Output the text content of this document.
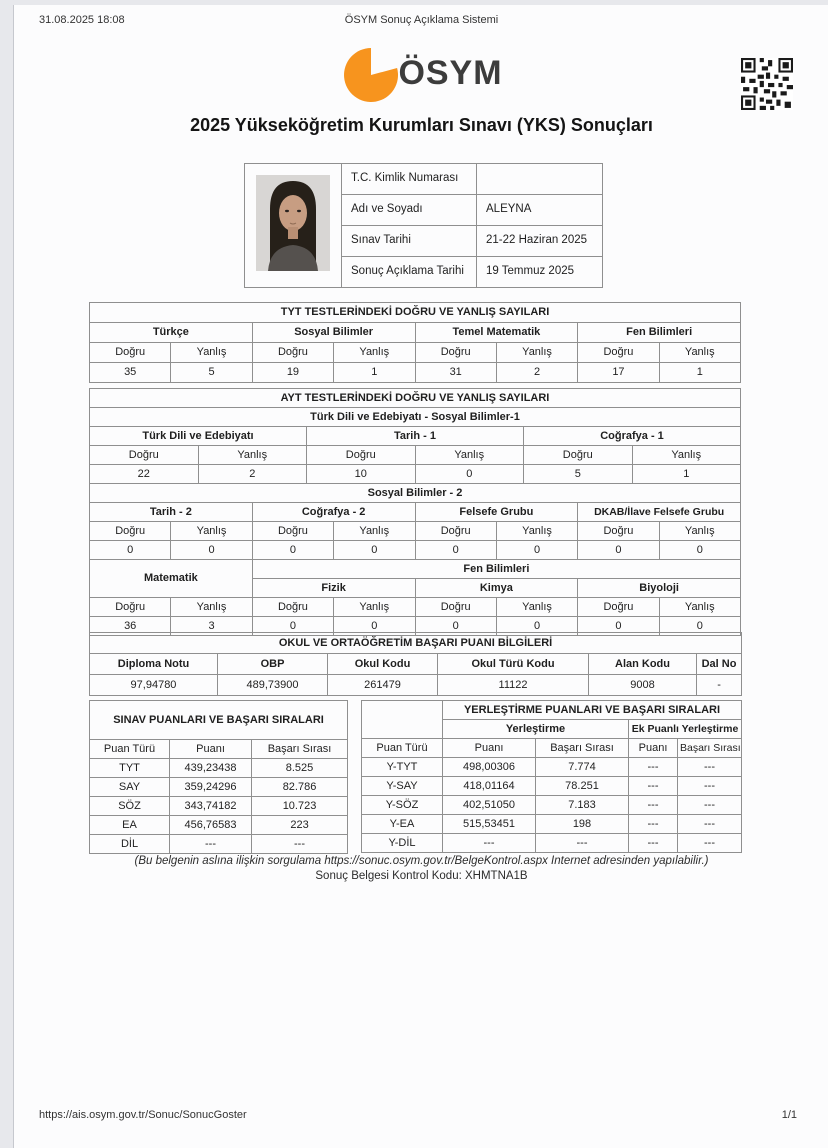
31.08.2025 18:08	ÖSYM Sonuç Açıklama Sistemi
ÖSYM
2025 Yükseköğretim Kurumları Sınavı (YKS) Sonuçları
	T.C. Kimlik Numarası	
	Adı ve Soyadı	ALEYNA
	Sınav Tarihi	21-22 Haziran 2025
	Sonuç Açıklama Tarihi	19 Temmuz 2025
TYT TESTLERİNDEKİ DOĞRU VE YANLIŞ SAYILARI							
Türkçe		Sosyal Bilimler		Temel Matematik		Fen Bilimleri	
Doğru	Yanlış	Doğru	Yanlış	Doğru	Yanlış	Doğru	Yanlış
35	5	19	1	31	2	17	1
AYT TESTLERİNDEKİ DOĞRU VE YANLIŞ SAYILARI											
Türk Dili ve Edebiyatı - Sosyal Bilimler-1											
Türk Dili ve Edebiyatı				Tarih - 1				Coğrafya - 1			
Doğru		Yanlış		Doğru		Yanlış		Doğru		Yanlış	
22		2		10		0		5		1	
Sosyal Bilimler - 2											
Tarih - 2			Coğrafya - 2			Felsefe Grubu			DKAB/İlave Felsefe Grubu		
Doğru	Yanlış		Doğru		Yanlış	Doğru	Yanlış		Doğru		Yanlış
0	0		0		0	0	0		0		0
Matematik			Fen Bilimleri								
			Fizik			Kimya			Biyoloji		
Doğru	Yanlış		Doğru		Yanlış	Doğru	Yanlış		Doğru		Yanlış
36	3		0		0	0	0		0		0
OKUL VE ORTAÖĞRETİM BAŞARI PUANI BİLGİLERİ					
Diploma Notu	OBP	Okul Kodu	Okul Türü Kodu	Alan Kodu	Dal No
97,94780	489,73900	261479	11122	9008	-
SINAV PUANLARI VE BAŞARI SIRALARI		
Puan Türü	Puanı	Başarı Sırası
TYT	439,23438	8.525
SAY	359,24296	82.786
SÖZ	343,74182	10.723
EA	456,76583	223
DİL	---	---
	YERLEŞTİRME PUANLARI VE BAŞARI SIRALARI			
	Yerleştirme		Ek Puanlı Yerleştirme	
Puan Türü	Puanı	Başarı Sırası	Puanı	Başarı Sırası
Y-TYT	498,00306	7.774	---	---
Y-SAY	418,01164	78.251	---	---
Y-SÖZ	402,51050	7.183	---	---
Y-EA	515,53451	198	---	---
Y-DİL	---	---	---	---
(Bu belgenin aslına ilişkin sorgulama https://sonuc.osym.gov.tr/BelgeKontrol.aspx Internet adresinden yapılabilir.)
Sonuç Belgesi Kontrol Kodu: XHMTNA1B
https://ais.osym.gov.tr/Sonuc/SonucGoster	1/1
